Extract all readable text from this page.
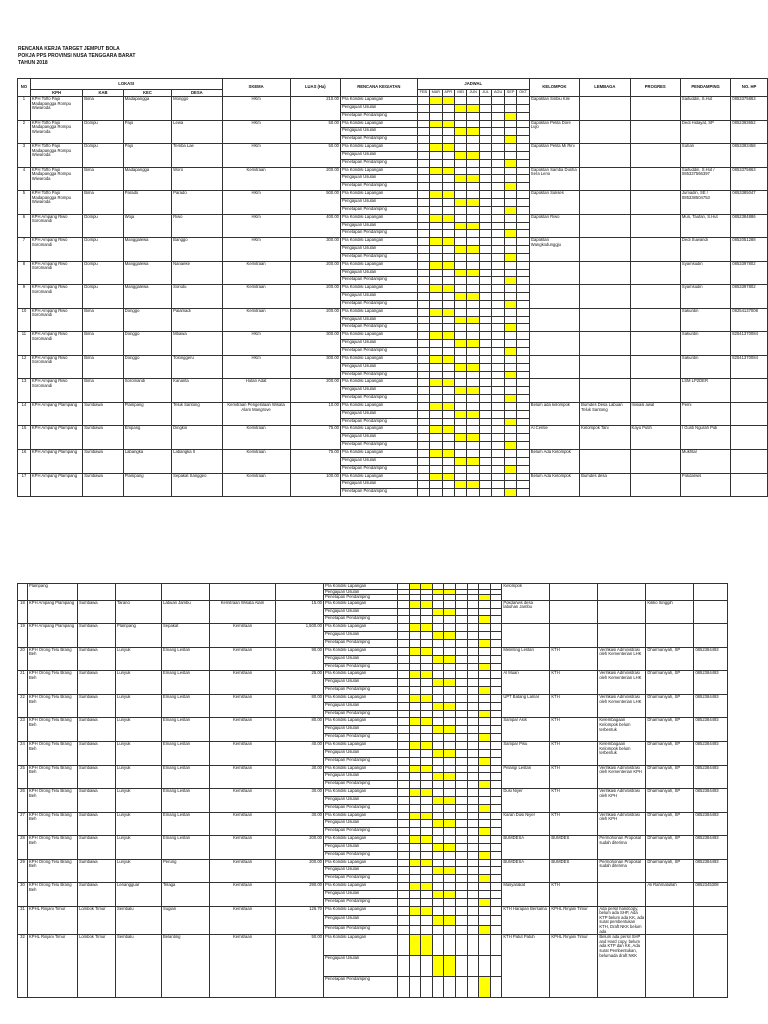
RENCANA KERJA TARGET JEMPUT BOLA
POKJA PPS PROVINSI NUSA TENGGARA BARAT
TAHUN 2018
NO	LOKASI				SKEMA	LUAS (Ha)	RENCANA KEGIATAN	JADWAL									KELOMPOK	LEMBAGA	PROGRES	PENDAMPING	NO. HP
	KPH	KAB	KEC	DESA				FEB	MAR	APR	MEI	JUN	JUL	AGU	SEP	OKT					
1	KPH Toffo Pajo Madapangga Rompu Wiwaroda	Bima	Madapangga	Monggo	HKm	210.00	Pra Kondisi Lapangan										Gapoktan Sinbiu Kile			Saifuddin, S.Hut	0853375863
							Pengajuan Usulan														
							Penetapan Pendamping														
2	KPH Toffo Pajo Madapangga Rompu Wiwaroda	Dompu	Pajo	Lewa	HKm	50.00	Pra Kondisi Lapangan										Gapoktan Pelita Dore Lujo			Dedi Hidayat, SP	0852393652
							Pengajuan Usulan														
							Penetapan Pendamping														
3	KPH Toffo Pajo Madapangga Rompu Wiwaroda	Dompu	Pajo	Temba Lae	HKm	50.00	Pra Kondisi Lapangan										Gapoktan Pelita Mi Rini			Suhari	0853393458
							Pengajuan Usulan														
							Penetapan Pendamping														
4	KPH Toffo Pajo Madapangga Rompu Wiwaroda	Bima	Madapangga	Woro	Kemitraan	200.00	Pra Kondisi Lapangan										Gapoktan Samba Dusha Sera Leno			Saifuddin, S.Hut / 085337566397	0853375863
							Pengajuan Usulan														
							Penetapan Pendamping														
5	KPH Toffo Pajo Madapangga Rompu Wiwaroda	Bima	Parado	Parado	HKm	500.00	Pra Kondisi Lapangan										Gapoktan Sukses			Jumadin, SE / 085338504753	0853385047
							Pengajuan Usulan														
							Penetapan Pendamping														
6	KPH Ampang Riwo Soromandi	Dompu	Woja	Riwo	HKm	400.00	Pra Kondisi Lapangan										Gapoktan Riwo			Mun, Taufan, S.Hut	0852384886
							Pengajuan Usulan														
							Penetapan Pendamping														
7	KPH Ampang Riwo Soromandi	Dompu	Manggalewa	Banggo	HKm	300.00	Pra Kondisi Lapangan										Gapoktan Wangkodunggju			Dedi Suwandi	0852051288
							Pengajuan Usulan														
							Penetapan Pendamping														
8	KPH Ampang Riwo Soromandi	Dompu	Manggalewa	Nanaeke	Kemitraan	200.00	Pra Kondisi Lapangan													Syamsudin	0853397802
							Pengajuan Usulan														
							Penetapan Pendamping														
9	KPH Ampang Riwo Soromandi	Dompu	Manggalewa	Soriutu	Kemitraan	200.00	Pra Kondisi Lapangan													Syamsudin	0853397802
							Pengajuan Usulan														
							Penetapan Pendamping														
10	KPH Ampang Riwo Soromandi	Bima	Donggo	Palamadi	Kemitraan	200.00	Pra Kondisi Lapangan													Sakurdin	08254137008
							Pengajuan Usulan														
							Penetapan Pendamping														
11	KPH Ampang Riwo Soromandi	Bima	Donggo	Mbawa	HKm	300.00	Pra Kondisi Lapangan													Sakurdin	82541370084
							Pengajuan Usulan														
							Penetapan Pendamping														
12	KPH Ampang Riwo Soromandi	Bima	Donggo	Tolonggeru	HKm	300.00	Pra Kondisi Lapangan													Sakurdin	82541370084
							Pengajuan Usulan														
							Penetapan Pendamping														
13	KPH Ampang Riwo Soromandi	Bima	Soromandi	Kananta	Hutan Adat	200.00	Pra Kondisi Lapangan													LSM LP2DER	
							Pengajuan Usulan														
							Penetapan Pendamping														
14	KPH Ampang Plampang	Sumbawa	Plampang	Teluk Santong	Kemitraan Pengelolaan Wisata Alam Mangrove	10.00	Pra Kondisi Lapangan										Belum ada kelompok	Bumdes Desa Labuan Teluk Santong	Inisiasi awal	Pemi	
							Pengajuan Usulan														
							Penetapan Pendamping														
15	KPH Ampang Plampang	Sumbawa	Empang	Dingkio	Kemitraan	75.00	Pra Kondisi Lapangan										Al Centie	Kelompok Tani	Kayu Putih	I Gusti Ngurah Pidi	
							Pengajuan Usulan														
							Penetapan Pendamping														
16	KPH Ampang Plampang	Sumbawa	Labangka	Labangka II	Kemitraan	75.00	Pra Kondisi Lapangan										Belum Ada Kelompok			Mukhtar	
							Pengajuan Usulan														
							Penetapan Pendamping														
17	KPH Ampang Plampang	Sumbawa	Plampang	Sepakat Sanggeo	Kemitraan	100.00	Pra Kondisi Lapangan										Belum Ada Kelompok	Bumdes desa		Pokdarwis	
							Pengajuan Usulan														
							Penetapan Pendamping														

	Plampang						Pra Kondisi Lapangan										Kelompok				
							Pengajuan Usulan														
							Penetapan Pendamping														
18	KPH Ampang Plampang	Sumbawa	Tarano	Labuan Jambu	Kemitraan Wisata Alam	15.00	Pra Kondisi Lapangan										Pokdarwis desa labuhan Jambu			Kikko Singgih	
							Pengajuan Usulan														
							Penetapan Pendamping														
19	KPH Ampang Plampang	Sumbawa	Plampang	Sepakat	Kemitraan	1,500.00	Pra Kondisi Lapangan														
							Pengajuan Usulan														
							Penetapan Pendamping														
20	KPH Orong Telu Brang Beh	Sumbawa	Lunyuk	Emang Lestari	Kemitraan	90.00	Pra Kondisi Lapangan										Melinting Lestari	KTH	Verifikasi Administrasi oleh Kementerian LHK	Dharmaniyah, SP	0852384493
							Pengajuan Usulan														
							Penetapan Pendamping														
21	KPH Orong Telu Brang Beh	Sumbawa	Lunyuk	Emang Lestari	Kemitraan	25.00	Pra Kondisi Lapangan										Al Muan	KTH	Verifikasi Administrasi oleh Kementerian LHK	Dharmaniyah, SP	0852384493
							Pengajuan Usulan														
							Penetapan Pendamping														
22	KPH Orong Telu Brang Beh	Sumbawa	Lunyuk	Emang Lestari	Kemitraan	80.00	Pra Kondisi Lapangan										UPT Batang Lamar	KTH	Verifikasi Administrasi oleh Kementerian LHK	Dharmaniyah, SP	0852384493
							Pengajuan Usulan														
							Penetapan Pendamping														
23	KPH Orong Telu Brang Beh	Sumbawa	Lunyuk	Emang Lestari	Kemitraan	80.00	Pra Kondisi Lapangan										Sampar Asis	KTH	Kelembagaan Kelompok belum terbentuk	Dharmaniyah, SP	0852384493
							Pengajuan Usulan														
							Penetapan Pendamping														
24	KPH Orong Telu Brang Beh	Sumbawa	Lunyuk	Emang Lestari	Kemitraan	40.00	Pra Kondisi Lapangan										Sampar Pisu	KTH	Kelembagaan Kelompok belum terbentuk	Dharmaniyah, SP	0852384493
							Pengajuan Usulan														
							Penetapan Pendamping														
25	KPH Orong Telu Brang Beh	Sumbawa	Lunyuk	Emang Lestari	Kemitraan	30.00	Pra Kondisi Lapangan										Pelangi Lestari	KTH	Verifikasi Administrasi oleh Kementerian KPH	Dharmaniyah, SP	0852384493
							Pengajuan Usulan														
							Penetapan Pendamping														
26	KPH Orong Telu Brang Beh	Sumbawa	Lunyuk	Emang Lestari	Kemitraan	30.00	Pra Kondisi Lapangan										Dusi Niyer	KTH	Verifikasi Administrasi oleh KPH	Dharmaniyah, SP	0852384493
							Pengajuan Usulan														
							Penetapan Pendamping														
27	KPH Orong Telu Brang Beh	Sumbawa	Lunyuk	Emang Lestari	Kemitraan	30.00	Pra Kondisi Lapangan										Karan Dusi Niyer	KTH	Verifikasi Administrasi oleh KPH	Dharmaniyah, SP	0852384493
							Pengajuan Usulan														
							Penetapan Pendamping														
28	KPH Orong Telu Brang Beh	Sumbawa	Lunyuk	Emang Lestari	Kemitraan	200.00	Pra Kondisi Lapangan										BUMDESA	BUMDES	Permohonan Proposal sudah diterima	Dharmaniyah, SP	0852384493
							Pengajuan Usulan														
							Penetapan Pendamping														
29	KPH Orong Telu Brang Beh	Sumbawa	Lunyuk	Perung	Kemitraan	200.00	Pra Kondisi Lapangan										BUMDESA	BUMDES	Permohonan Proposal sudah diterima	Dharmaniyah, SP	0852384493
							Pengajuan Usulan														
							Penetapan Pendamping														
30	KPH Orong Telu Brang Beh	Sumbawa	Lenangguar	Telaga	Kemitraan	290.00	Pra Kondisi Lapangan										Masyarakat	KTH		Ali Rahmatullah	0852345308
							Pengajuan Usulan														
							Penetapan Pendamping														
31	KPHL Rinjani Timur	Lombok Timur	Sembalu	Sugian	Kemitraan	126.70	Pra Kondisi Lapangan										KTH Harapan Bersama	KPHL Rinjani Timur	Ada persil handcopy, belum ada SHP, Ada KTP belum ada KK, ada surat pembentukan KTH, Draft NKK belum ada		
							Pengajuan Usulan														
							Penetapan Pendamping														
32	KPHL Rinjani Timur	Lombok Timur	Sembalu	Belanting	Kemitraan	50.00	Pra Kondisi Lapangan										KTH Patut Patuh	KPHL Rinjani Timur	Belum ada persil SHP and Hard copy, belum ada KTP dan KK, Ada surat Pembentukan, belumada draft NKK		
							Pengajuan Usulan														
							Penetapan Pendamping														
